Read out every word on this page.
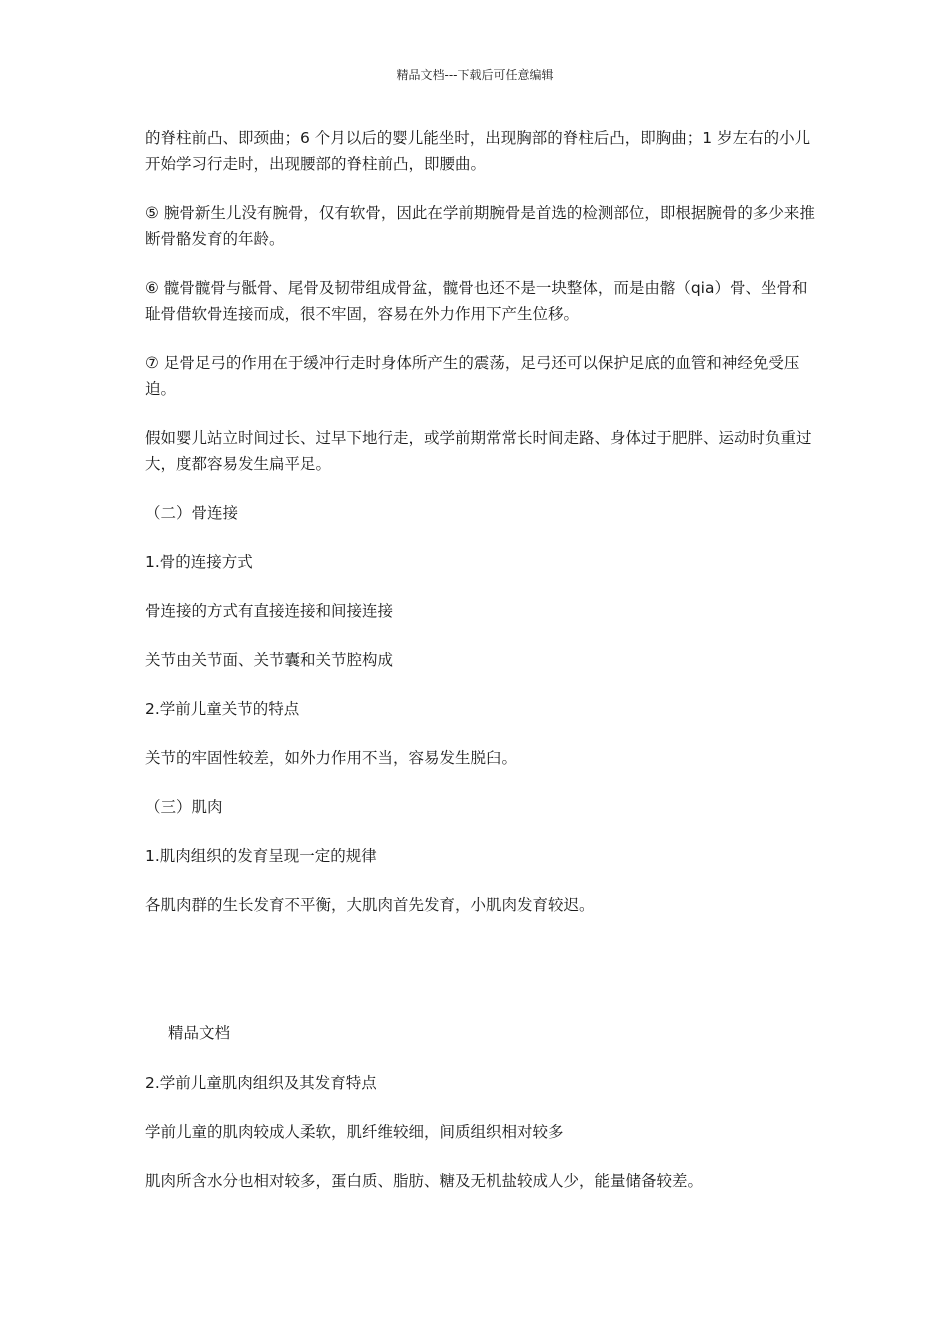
精品文档---下载后可任意编辑

的脊柱前凸、即颈曲；6 个月以后的婴儿能坐时，出现胸部的脊柱后凸，即胸曲；1 岁左右的小儿开始学习行走时，出现腰部的脊柱前凸，即腰曲。

⑤ 腕骨新生儿没有腕骨，仅有软骨，因此在学前期腕骨是首选的检测部位，即根据腕骨的多少来推断骨骼发育的年龄。

⑥ 髋骨髋骨与骶骨、尾骨及韧带组成骨盆，髋骨也还不是一块整体，而是由髂（qia）骨、坐骨和耻骨借软骨连接而成，很不牢固，容易在外力作用下产生位移。

⑦ 足骨足弓的作用在于缓冲行走时身体所产生的震荡，足弓还可以保护足底的血管和神经免受压迫。

假如婴儿站立时间过长、过早下地行走，或学前期常常长时间走路、身体过于肥胖、运动时负重过大，度都容易发生扁平足。

（二）骨连接

1.骨的连接方式

骨连接的方式有直接连接和间接连接

关节由关节面、关节囊和关节腔构成

2.学前儿童关节的特点

关节的牢固性较差，如外力作用不当，容易发生脱臼。

（三）肌肉

1.肌肉组织的发育呈现一定的规律

各肌肉群的生长发育不平衡，大肌肉首先发育，小肌肉发育较迟。

精品文档

2.学前儿童肌肉组织及其发育特点

学前儿童的肌肉较成人柔软，肌纤维较细，间质组织相对较多

肌肉所含水分也相对较多，蛋白质、脂肪、糖及无机盐较成人少，能量储备较差。
